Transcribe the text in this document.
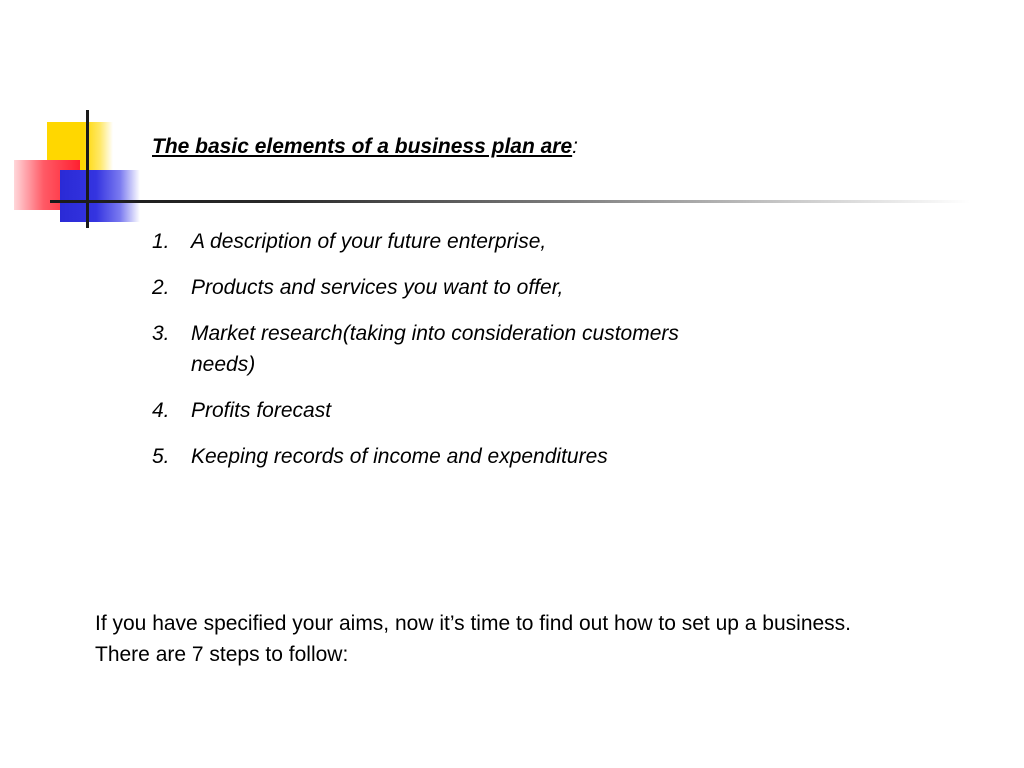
The basic elements of a business plan are:

1.	A description of your future enterprise,
2.	Products and services you want to offer,
3.	Market research(taking into consideration customers needs)
4.	Profits forecast
5.	Keeping records of income and expenditures

If you have specified your aims, now it’s time to find out how to set up a business. There are 7 steps to follow:
